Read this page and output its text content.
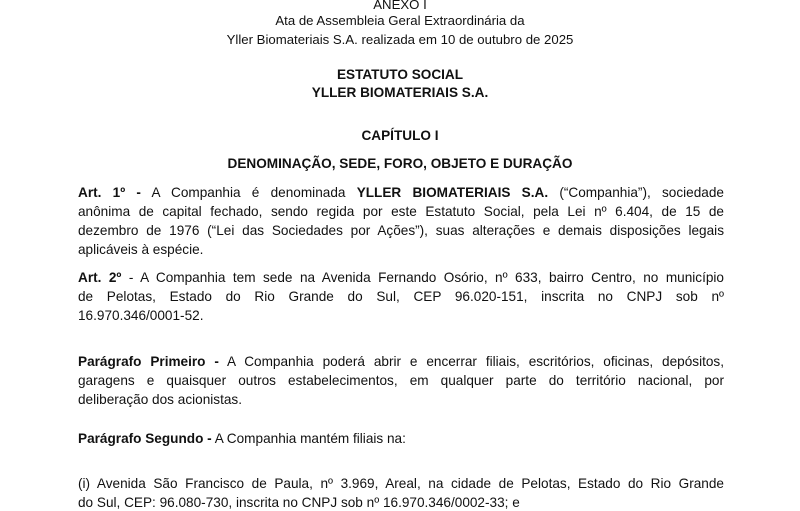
ANEXO I
Ata de Assembleia Geral Extraordinária da
Yller Biomateriais S.A. realizada em 10 de outubro de 2025
ESTATUTO SOCIAL
YLLER BIOMATERIAIS S.A.
CAPÍTULO I
DENOMINAÇÃO, SEDE, FORO, OBJETO E DURAÇÃO
Art. 1º - A Companhia é denominada YLLER BIOMATERIAIS S.A. (“Companhia”), sociedade
anônima de capital fechado, sendo regida por este Estatuto Social, pela Lei nº 6.404, de 15 de
dezembro de 1976 (“Lei das Sociedades por Ações”), suas alterações e demais disposições legais
aplicáveis à espécie.
Art. 2º - A Companhia tem sede na Avenida Fernando Osório, nº 633, bairro Centro, no município
de Pelotas, Estado do Rio Grande do Sul, CEP 96.020-151, inscrita no CNPJ sob nº
16.970.346/0001-52.
Parágrafo Primeiro - A Companhia poderá abrir e encerrar filiais, escritórios, oficinas, depósitos,
garagens e quaisquer outros estabelecimentos, em qualquer parte do território nacional, por
deliberação dos acionistas.
Parágrafo Segundo - A Companhia mantém filiais na:
(i) Avenida São Francisco de Paula, nº 3.969, Areal, na cidade de Pelotas, Estado do Rio Grande
do Sul, CEP: 96.080-730, inscrita no CNPJ sob nº 16.970.346/0002-33; e
